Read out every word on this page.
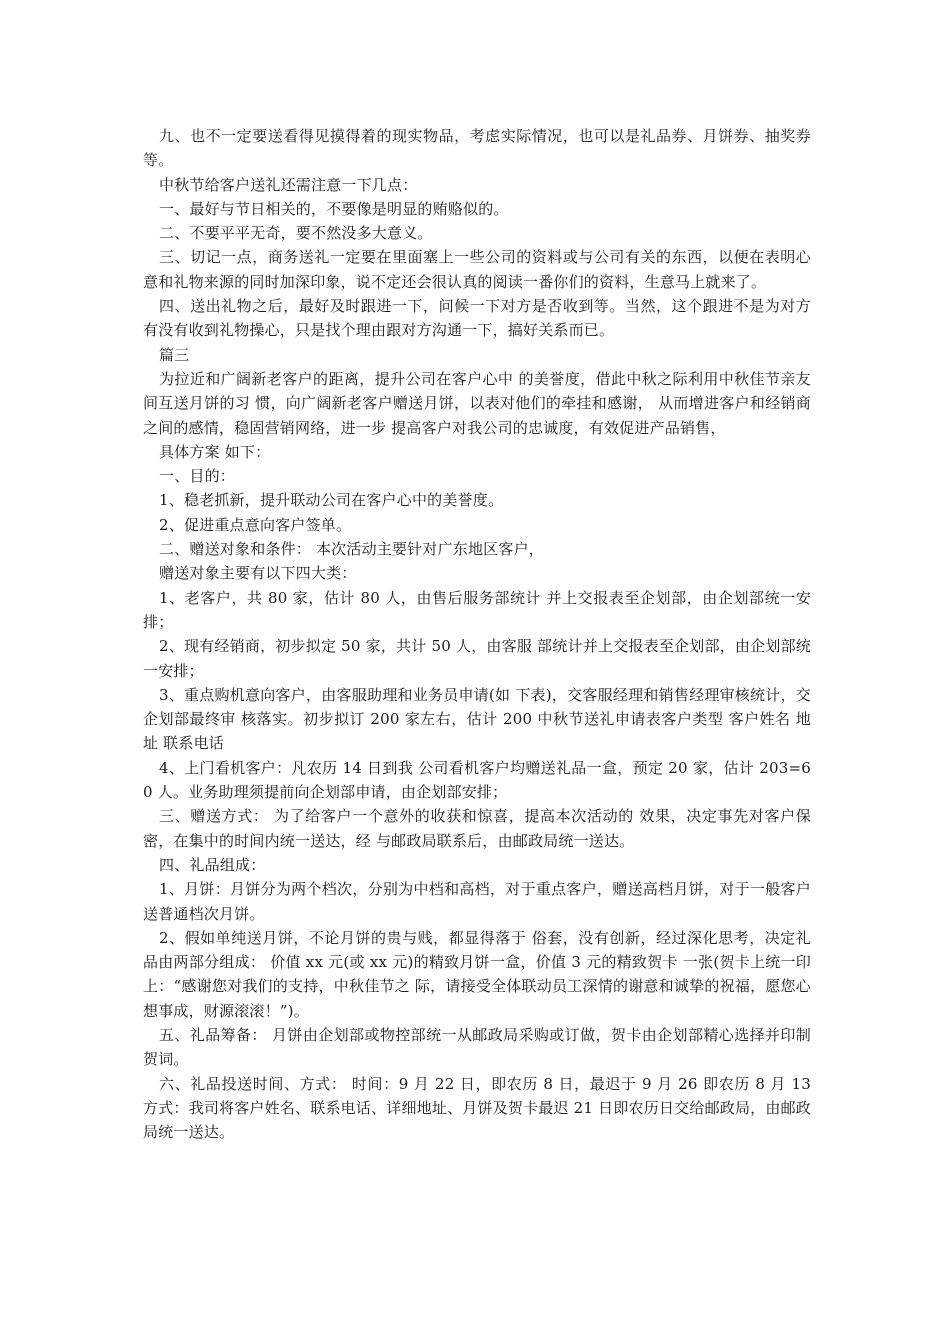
九、也不一定要送看得见摸得着的现实物品，考虑实际情况，也可以是礼品券、月饼券、抽奖券等。

中秋节给客户送礼还需注意一下几点：

一、最好与节日相关的，不要像是明显的贿赂似的。

二、不要平平无奇，要不然没多大意义。

三、切记一点，商务送礼一定要在里面塞上一些公司的资料或与公司有关的东西，以便在表明心意和礼物来源的同时加深印象，说不定还会很认真的阅读一番你们的资料，生意马上就来了。

四、送出礼物之后，最好及时跟进一下，问候一下对方是否收到等。当然，这个跟进不是为对方有没有收到礼物操心，只是找个理由跟对方沟通一下，搞好关系而已。

篇三

为拉近和广阔新老客户的距离，提升公司在客户心中 的美誉度，借此中秋之际利用中秋佳节亲友间互送月饼的习 惯，向广阔新老客户赠送月饼，以表对他们的牵挂和感谢， 从而增进客户和经销商之间的感情，稳固营销网络，进一步 提高客户对我公司的忠诚度，有效促进产品销售，

具体方案 如下：

一、目的：

1、稳老抓新，提升联动公司在客户心中的美誉度。

2、促进重点意向客户签单。

二、赠送对象和条件： 本次活动主要针对广东地区客户，

赠送对象主要有以下四大类：

1、老客户，共 80 家，估计 80 人，由售后服务部统计 并上交报表至企划部，由企划部统一安排；

2、现有经销商，初步拟定 50 家，共计 50 人，由客服 部统计并上交报表至企划部，由企划部统一安排；

3、重点购机意向客户，由客服助理和业务员申请(如 下表)，交客服经理和销售经理审核统计，交企划部最终审 核落实。初步拟订 200 家左右，估计 200 中秋节送礼申请表客户类型 客户姓名 地址 联系电话

4、上门看机客户：凡农历 14 日到我 公司看机客户均赠送礼品一盒，预定 20 家，估计 203=60 人。业务助理须提前向企划部申请，由企划部安排；

三、赠送方式： 为了给客户一个意外的收获和惊喜，提高本次活动的 效果，决定事先对客户保密，在集中的时间内统一送达，经 与邮政局联系后，由邮政局统一送达。

四、礼品组成：

1、月饼：月饼分为两个档次，分别为中档和高档，对于重点客户，赠送高档月饼，对于一般客户送普通档次月饼。

2、假如单纯送月饼，不论月饼的贵与贱，都显得落于 俗套，没有创新，经过深化思考，决定礼品由两部分组成： 价值 xx 元(或 xx 元)的精致月饼一盒，价值 3 元的精致贺卡 一张(贺卡上统一印上：“感谢您对我们的支持，中秋佳节之 际，请接受全体联动员工深情的谢意和诚挚的祝福，愿您心 想事成，财源滚滚！”)。

五、礼品筹备： 月饼由企划部或物控部统一从邮政局采购或订做，贺卡由企划部精心选择并印制贺词。

六、礼品投送时间、方式： 时间：9 月 22 日，即农历 8 日，最迟于 9 月 26 即农历 8 月 13 方式：我司将客户姓名、联系电话、详细地址、月饼及贺卡最迟 21 日即农历日交给邮政局，由邮政局统一送达。
